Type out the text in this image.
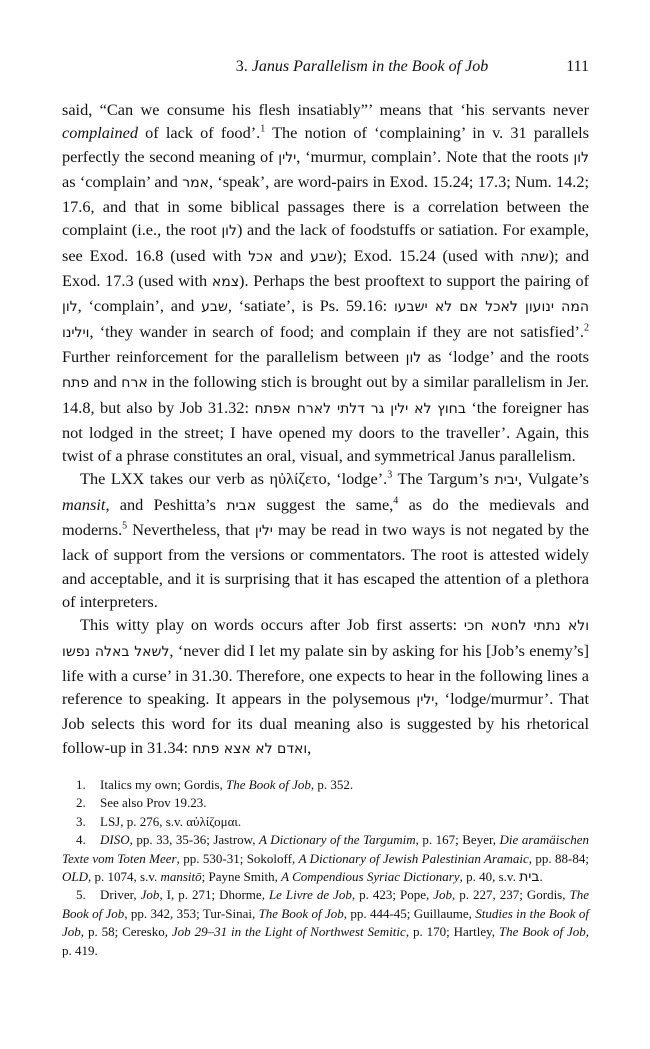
3. Janus Parallelism in the Book of Job	111

said, “Can we consume his flesh insatiably”’ means that ‘his servants never complained of lack of food’.$^1$ The notion of ‘complaining’ in v. 31 parallels perfectly the second meaning of ילין, ‘murmur, complain’. Note that the roots לון as ‘complain’ and אמר, ‘speak’, are word-pairs in Exod. 15.24; 17.3; Num. 14.2; 17.6, and that in some biblical passages there is a correlation between the complaint (i.e., the root לון) and the lack of foodstuffs or satiation. For example, see Exod. 16.8 (used with אכל and שבע); Exod. 15.24 (used with שתה); and Exod. 17.3 (used with צמא). Perhaps the best prooftext to support the pairing of לון, ‘complain’, and שבע, ‘satiate’, is Ps. 59.16: המה ינועון לאכל אם לא ישבעו וילינו, ‘they wander in search of food; and complain if they are not satisfied’.$^2$ Further reinforcement for the parallelism between לון as ‘lodge’ and the roots פתח and ארח in the following stich is brought out by a similar parallelism in Jer. 14.8, but also by Job 31.32: בחוץ לא ילין גר דלתי לארח אפתח ‘the foreigner has not lodged in the street; I have opened my doors to the traveller’. Again, this twist of a phrase constitutes an oral, visual, and symmetrical Janus parallelism.

The LXX takes our verb as ηὐλίζετο, ‘lodge’.$^3$ The Targum’s יבית, Vulgate’s mansit, and Peshitta’s אבית suggest the same,$^4$ as do the medievals and moderns.$^5$ Nevertheless, that ילין may be read in two ways is not negated by the lack of support from the versions or commentators. The root is attested widely and acceptable, and it is surprising that it has escaped the attention of a plethora of interpreters.

This witty play on words occurs after Job first asserts: ולא נתתי לחטא חכי לשאל באלה נפשו, ‘never did I let my palate sin by asking for his [Job’s enemy’s] life with a curse’ in 31.30. Therefore, one expects to hear in the following lines a reference to speaking. It appears in the polysemous ילין, ‘lodge/murmur’. That Job selects this word for its dual meaning also is suggested by his rhetorical follow-up in 31.34: ואדם לא אצא פתח,

1. Italics my own; Gordis, The Book of Job, p. 352.

2. See also Prov 19.23.

3. LSJ, p. 276, s.v. αὐλίζομαι.

4. DISO, pp. 33, 35-36; Jastrow, A Dictionary of the Targumim, p. 167; Beyer, Die aramäischen Texte vom Toten Meer, pp. 530-31; Sokoloff, A Dictionary of Jewish Palestinian Aramaic, pp. 88-84; OLD, p. 1074, s.v. mansitō; Payne Smith, A Compendious Syriac Dictionary, p. 40, s.v. בית.

5. Driver, Job, I, p. 271; Dhorme, Le Livre de Job, p. 423; Pope, Job, p. 227, 237; Gordis, The Book of Job, pp. 342, 353; Tur-Sinai, The Book of Job, pp. 444-45; Guillaume, Studies in the Book of Job, p. 58; Ceresko, Job 29–31 in the Light of Northwest Semitic, p. 170; Hartley, The Book of Job, p. 419.
